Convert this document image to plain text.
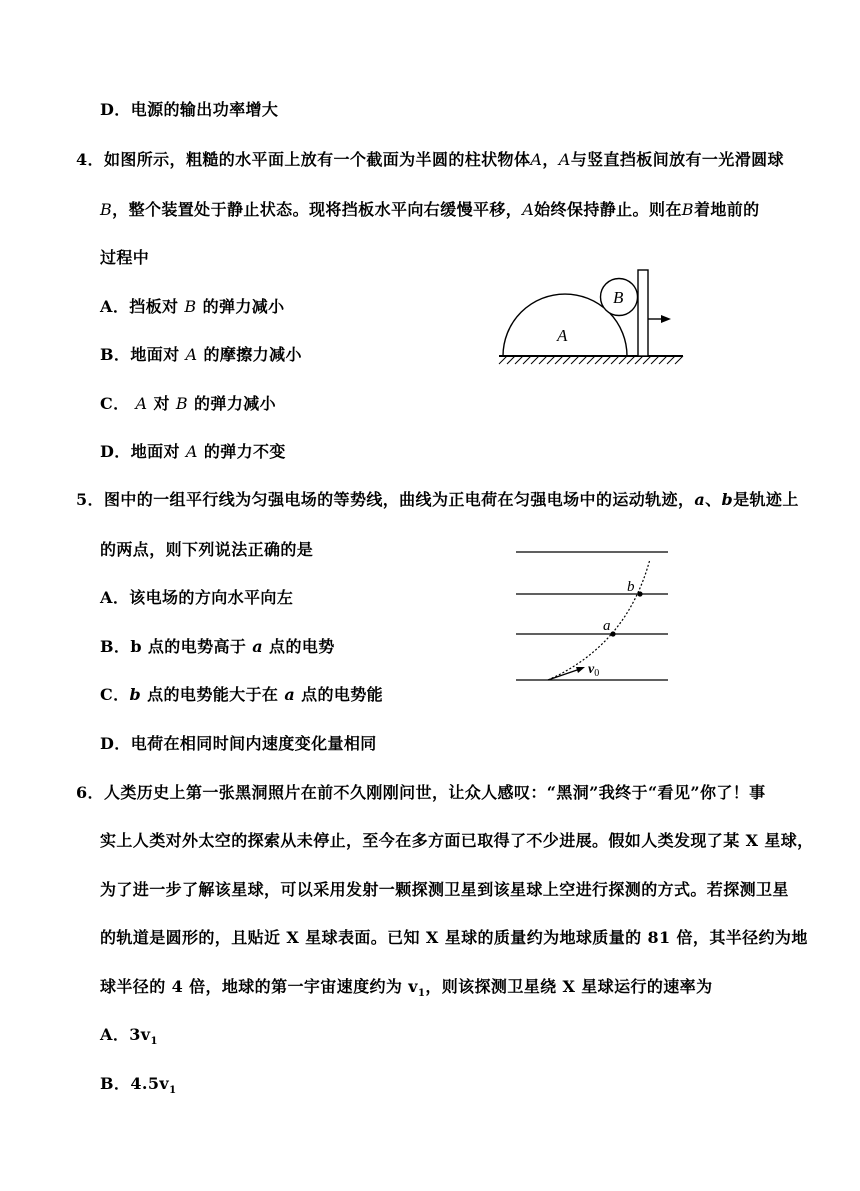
D．电源的输出功率增大
4．如图所示，粗糙的水平面上放有一个截面为半圆的柱状物体A，A与竖直挡板间放有一光滑圆球
B，整个装置处于静止状态。现将挡板水平向右缓慢平移，A始终保持静止。则在B着地前的
过程中
A．挡板对 B 的弹力减小
B．地面对 A 的摩擦力减小
C． A 对 B 的弹力减小
D．地面对 A 的弹力不变
A
B
5．图中的一组平行线为匀强电场的等势线，曲线为正电荷在匀强电场中的运动轨迹，a、b是轨迹上
的两点，则下列说法正确的是
A．该电场的方向水平向左
B．b 点的电势高于 a 点的电势
C．b 点的电势能大于在 a 点的电势能
D．电荷在相同时间内速度变化量相同
a
b
$v_0$
6．人类历史上第一张黑洞照片在前不久刚刚问世，让众人感叹：“黑洞”我终于“看见”你了！事
实上人类对外太空的探索从未停止，至今在多方面已取得了不少进展。假如人类发现了某 X 星球，
为了进一步了解该星球，可以采用发射一颗探测卫星到该星球上空进行探测的方式。若探测卫星
的轨道是圆形的，且贴近 X 星球表面。已知 X 星球的质量约为地球质量的 81 倍，其半径约为地
球半径的 4 倍，地球的第一宇宙速度约为 $v_1$，则该探测卫星绕 X 星球运行的速率为
A．$3v_1$
B．$4.5v_1$
